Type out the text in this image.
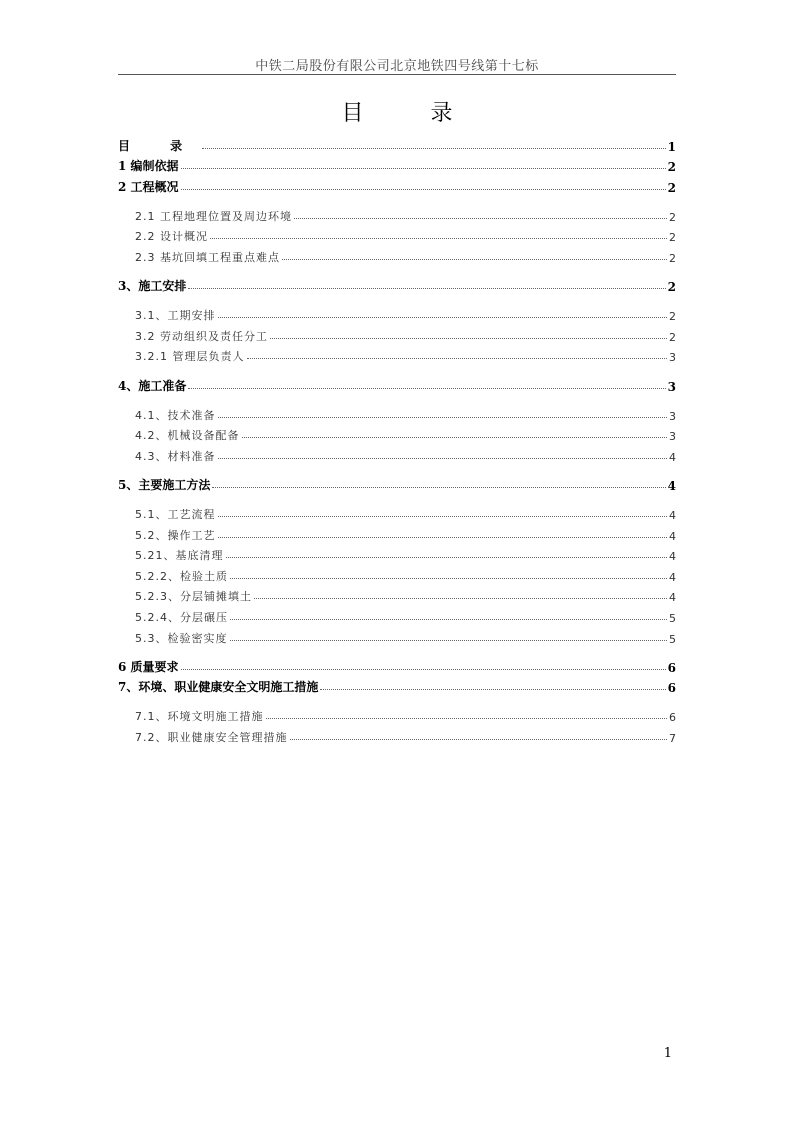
中铁二局股份有限公司北京地铁四号线第十七标
目 录
目 录	1
1 编制依据	2
2 工程概况	2
2.1 工程地理位置及周边环境	2
2.2 设计概况	2
2.3 基坑回填工程重点难点	2
3、施工安排	2
3.1、工期安排	2
3.2 劳动组织及责任分工	2
3.2.1 管理层负责人	3
4、施工准备	3
4.1、技术准备	3
4.2、机械设备配备	3
4.3、材料准备	4
5、主要施工方法	4
5.1、工艺流程	4
5.2、操作工艺	4
5.21、基底清理	4
5.2.2、检验土质	4
5.2.3、分层铺摊填土	4
5.2.4、分层碾压	5
5.3、检验密实度	5
6 质量要求	6
7、环境、职业健康安全文明施工措施	6
7.1、环境文明施工措施	6
7.2、职业健康安全管理措施	7
1
